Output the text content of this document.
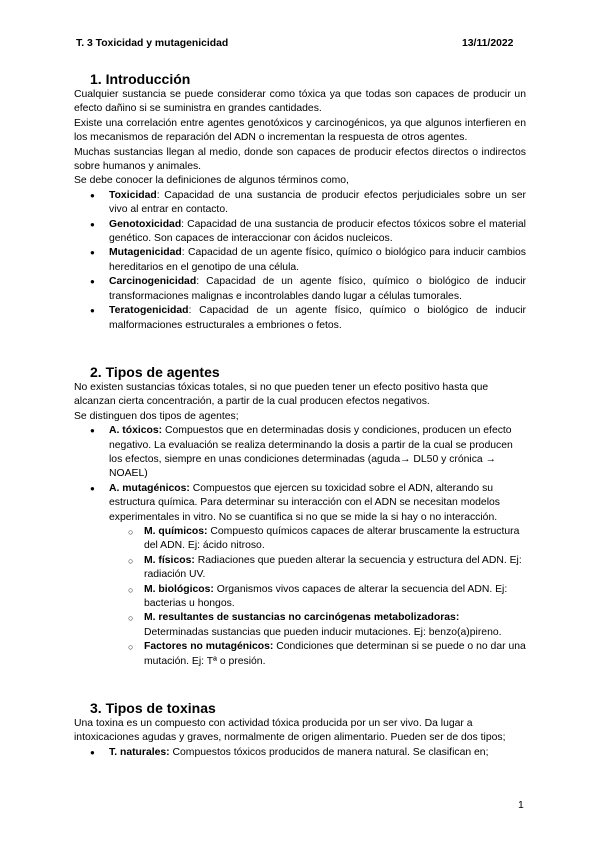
T. 3 Toxicidad y mutagenicidad	13/11/2022
1. Introducción

Cualquier sustancia se puede considerar como tóxica ya que todas son capaces de producir un efecto dañino si se suministra en grandes cantidades.

Existe una correlación entre agentes genotóxicos y carcinogénicos, ya que algunos interfieren en los mecanismos de reparación del ADN o incrementan la respuesta de otros agentes.

Muchas sustancias llegan al medio, donde son capaces de producir efectos directos o indirectos sobre humanos y animales.

Se debe conocer la definiciones de algunos términos como,

● Toxicidad: Capacidad de una sustancia de producir efectos perjudiciales sobre un ser vivo al entrar en contacto.
● Genotoxicidad: Capacidad de una sustancia de producir efectos tóxicos sobre el material genético. Son capaces de interaccionar con ácidos nucleicos.
● Mutagenicidad: Capacidad de un agente físico, químico o biológico para inducir cambios hereditarios en el genotipo de una célula.
● Carcinogenicidad: Capacidad de un agente físico, químico o biológico de inducir transformaciones malignas e incontrolables dando lugar a células tumorales.
● Teratogenicidad: Capacidad de un agente físico, químico o biológico de inducir malformaciones estructurales a embriones o fetos.
2. Tipos de agentes

No existen sustancias tóxicas totales, si no que pueden tener un efecto positivo hasta que alcanzan cierta concentración, a partir de la cual producen efectos negativos.

Se distinguen dos tipos de agentes;

● A. tóxicos: Compuestos que en determinadas dosis y condiciones, producen un efecto negativo. La evaluación se realiza determinando la dosis a partir de la cual se producen los efectos, siempre en unas condiciones determinadas (aguda→ DL50 y crónica → NOAEL)
● A. mutagénicos: Compuestos que ejercen su toxicidad sobre el ADN, alterando su estructura química. Para determinar su interacción con el ADN se necesitan modelos experimentales in vitro. No se cuantifica si no que se mide la si hay o no interacción.
○ M. químicos: Compuesto químicos capaces de alterar bruscamente la estructura del ADN. Ej: ácido nitroso.
○ M. físicos: Radiaciones que pueden alterar la secuencia y estructura del ADN. Ej: radiación UV.
○ M. biológicos: Organismos vivos capaces de alterar la secuencia del ADN. Ej: bacterias u hongos.
○ M. resultantes de sustancias no carcinógenas metabolizadoras: Determinadas sustancias que pueden inducir mutaciones. Ej: benzo(a)pireno.
○ Factores no mutagénicos: Condiciones que determinan si se puede o no dar una mutación. Ej: Tª o presión.
3. Tipos de toxinas

Una toxina es un compuesto con actividad tóxica producida por un ser vivo. Da lugar a intoxicaciones agudas y graves, normalmente de origen alimentario. Pueden ser de dos tipos;

● T. naturales: Compuestos tóxicos producidos de manera natural. Se clasifican en;
1
